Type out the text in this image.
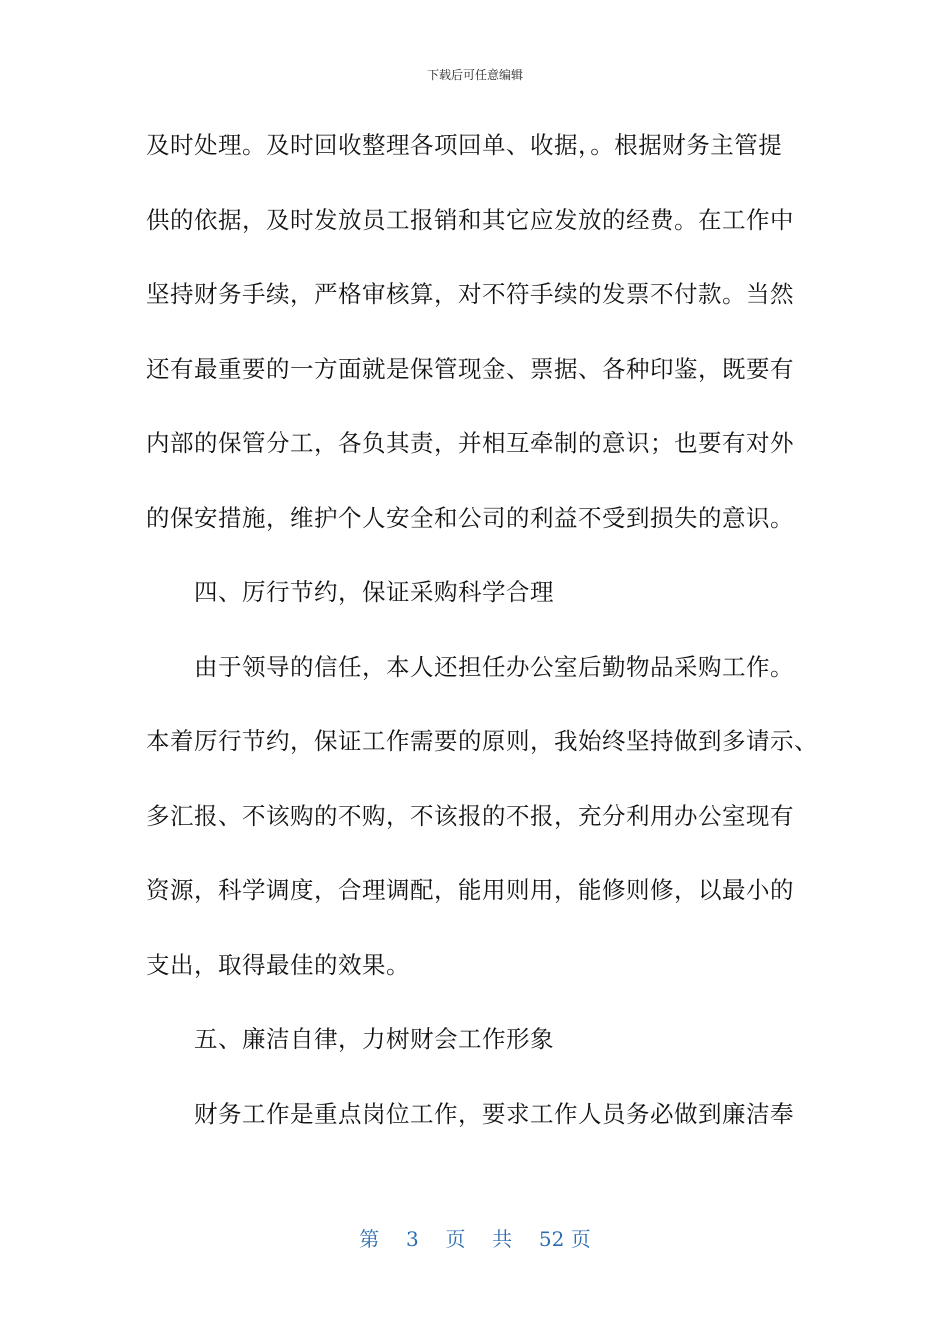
下载后可任意编辑
及时处理。及时回收整理各项回单、收据，。根据财务主管提
供的依据，及时发放员工报销和其它应发放的经费。在工作中
坚持财务手续，严格审核算，对不符手续的发票不付款。当然
还有最重要的一方面就是保管现金、票据、各种印鉴，既要有
内部的保管分工，各负其责，并相互牵制的意识；也要有对外
的保安措施，维护个人安全和公司的利益不受到损失的意识。
四、厉行节约，保证采购科学合理
由于领导的信任，本人还担任办公室后勤物品采购工作。
本着厉行节约，保证工作需要的原则，我始终坚持做到多请示、
多汇报、不该购的不购，不该报的不报，充分利用办公室现有
资源，科学调度，合理调配，能用则用，能修则修，以最小的
支出，取得最佳的效果。
五、廉洁自律，力树财会工作形象
财务工作是重点岗位工作，要求工作人员务必做到廉洁奉
第 3 页 共 52 页
